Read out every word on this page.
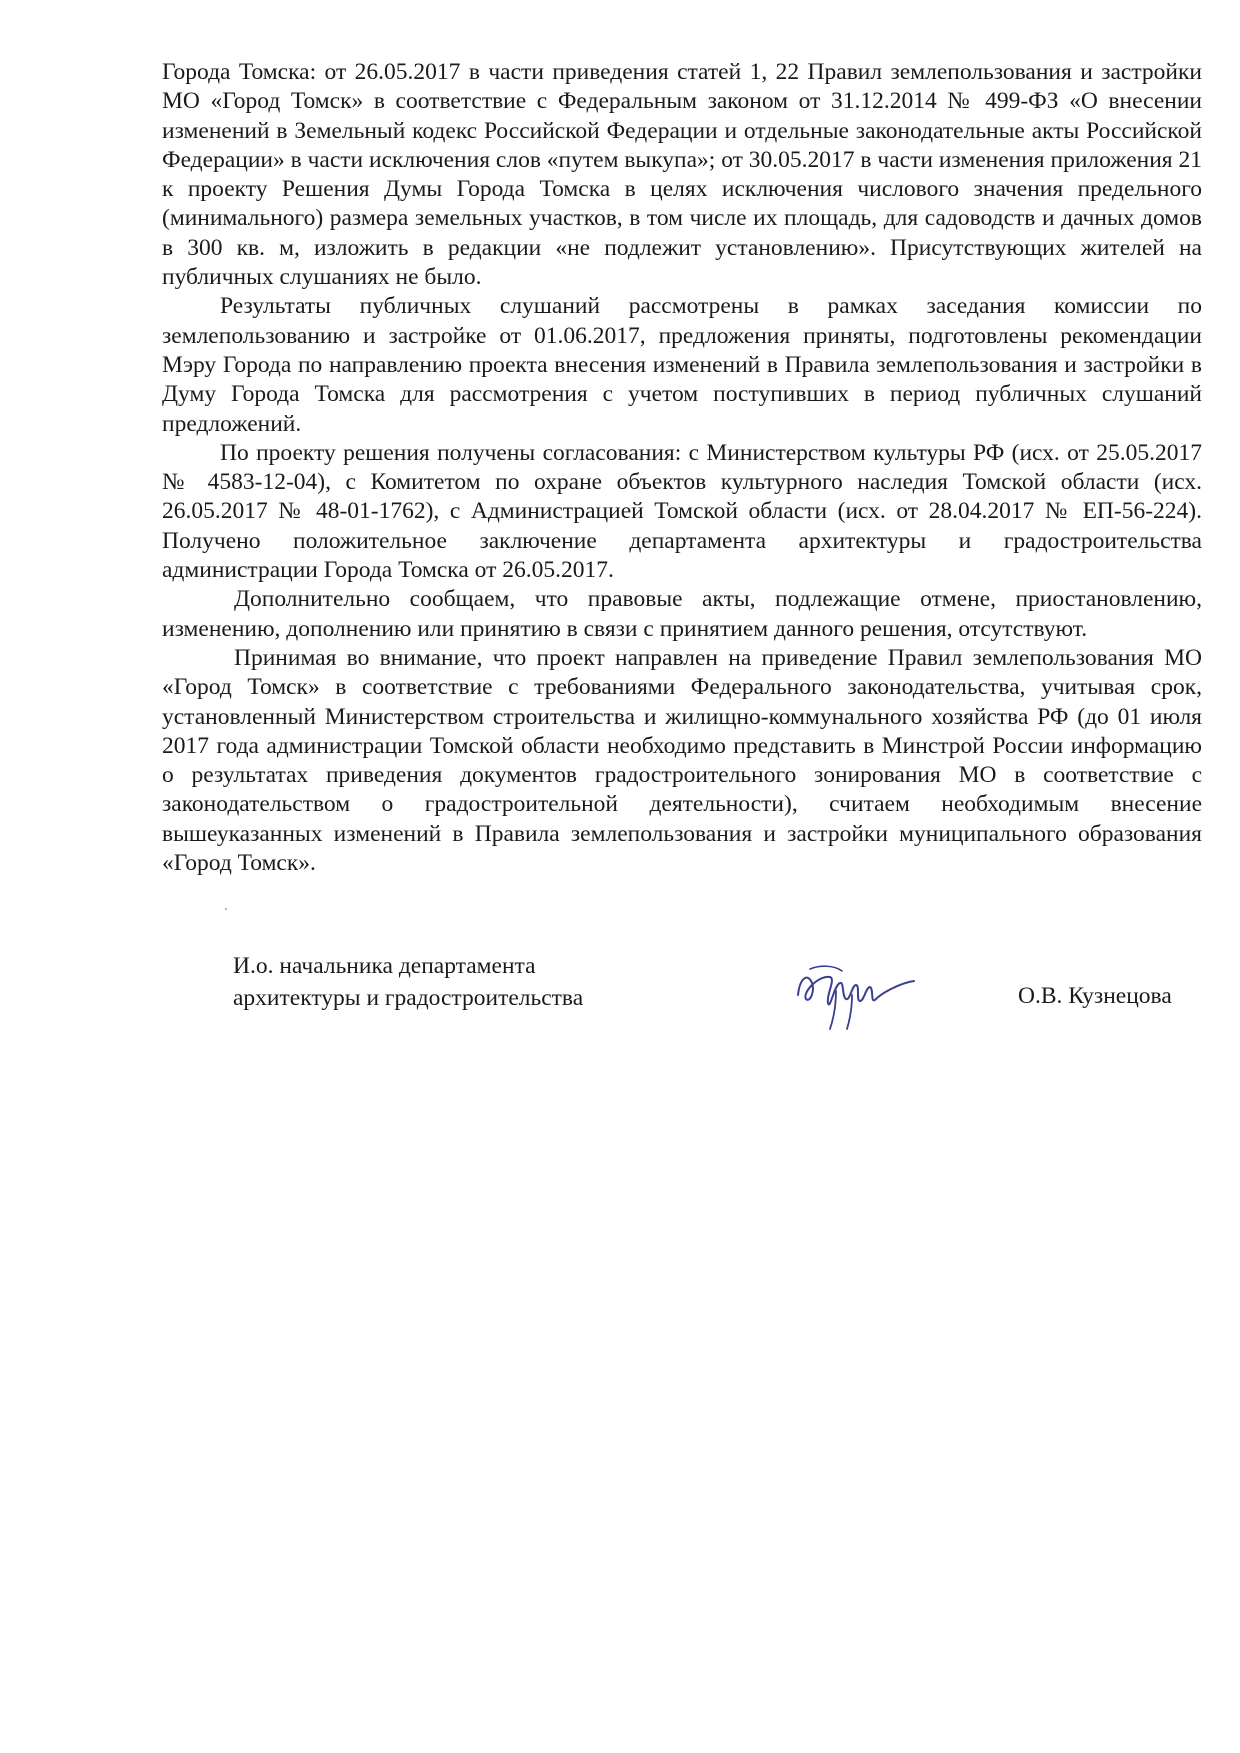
Города Томска: от 26.05.2017 в части приведения статей 1, 22 Правил землепользования и застройки МО «Город Томск» в соответствие с Федеральным законом от 31.12.2014 № 499-ФЗ «О внесении изменений в Земельный кодекс Российской Федерации и отдельные законодательные акты Российской Федерации» в части исключения слов «путем выкупа»; от 30.05.2017 в части изменения приложения 21 к проекту Решения Думы Города Томска в целях исключения числового значения предельного (минимального) размера земельных участков, в том числе их площадь, для садоводств и дачных домов в 300 кв. м, изложить в редакции «не подлежит установлению». Присутствующих жителей на публичных слушаниях не было.

Результаты публичных слушаний рассмотрены в рамках заседания комиссии по землепользованию и застройке от 01.06.2017, предложения приняты, подготовлены рекомендации Мэру Города по направлению проекта внесения изменений в Правила землепользования и застройки в Думу Города Томска для рассмотрения с учетом поступивших в период публичных слушаний предложений.

По проекту решения получены согласования: с Министерством культуры РФ (исх. от 25.05.2017 № 4583-12-04), с Комитетом по охране объектов культурного наследия Томской области (исх. 26.05.2017 № 48-01-1762), с Администрацией Томской области (исх. от 28.04.2017 № ЕП-56-224). Получено положительное заключение департамента архитектуры и градостроительства администрации Города Томска от 26.05.2017.

Дополнительно сообщаем, что правовые акты, подлежащие отмене, приостановлению, изменению, дополнению или принятию в связи с принятием данного решения, отсутствуют.

Принимая во внимание, что проект направлен на приведение Правил землепользования МО «Город Томск» в соответствие с требованиями Федерального законодательства, учитывая срок, установленный Министерством строительства и жилищно-коммунального хозяйства РФ (до 01 июля 2017 года администрации Томской области необходимо представить в Минстрой России информацию о результатах приведения документов градостроительного зонирования МО в соответствие с законодательством о градостроительной деятельности), считаем необходимым внесение вышеуказанных изменений в Правила землепользования и застройки муниципального образования «Город Томск».

И.о. начальника департамента
архитектуры и градостроительства	О.В. Кузнецова
